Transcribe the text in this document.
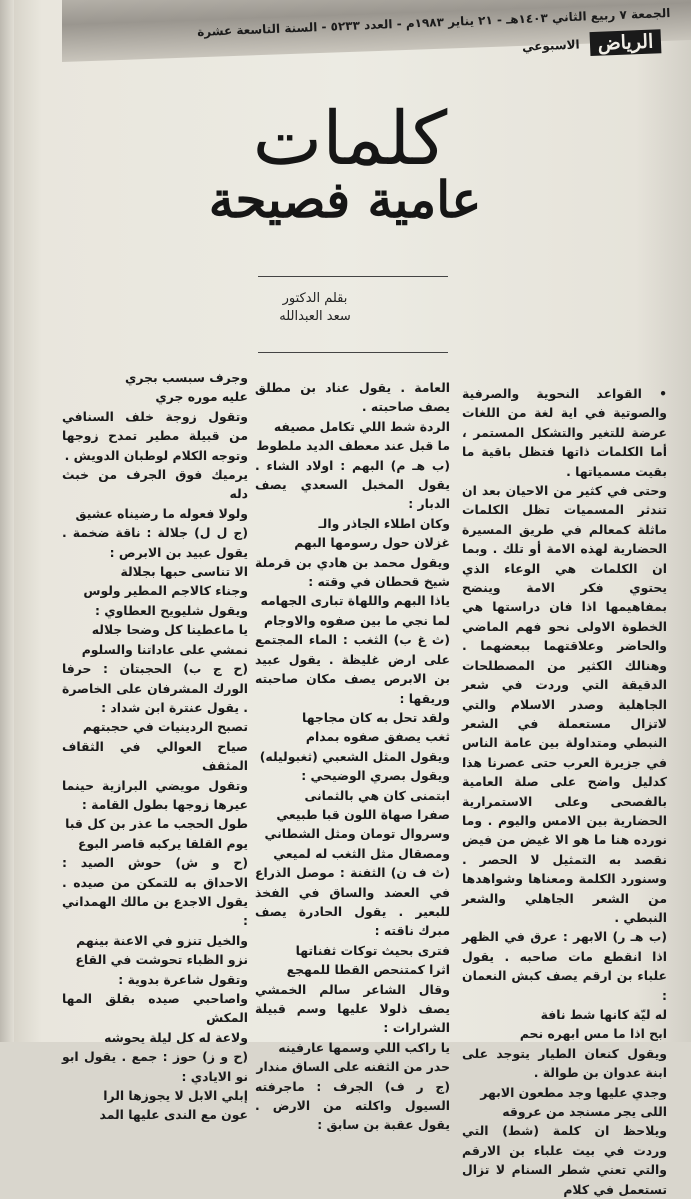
الجمعة ٧ ربيع الثاني ١٤٠٣هـ - ٢١ يناير ١٩٨٣م - العدد ٥٢٣٣ - السنة التاسعة عشرة
الرياض الاسبوعي
كلمات
عامية فصيحة
بقلم الدكتور
سعد العبدالله

• القواعد النحوية والصرفية والصوتية في اية لغة من اللغات عرضة للتغير والتشكل المستمر ، أما الكلمات ذاتها فتظل باقية ما بقيت مسمياتها .

وحتى في كثير من الاحيان بعد ان تندثر المسميات تظل الكلمات ماثلة كمعالم في طريق المسيرة الحضارية لهذه الامة أو تلك . وبما ان الكلمات هي الوعاء الذي يحتوي فكر الامة وينضح بمفاهيمها اذا فان دراستها هي الخطوة الاولى نحو فهم الماضي والحاضر وعلاقتهما ببعضهما . وهنالك الكثير من المصطلحات الدقيقة التي وردت في شعر الجاهلية وصدر الاسلام والتي لاتزال مستعملة في الشعر النبطي ومتداولة بين عامة الناس في جزيرة العرب حتى عصرنا هذا كدليل واضح على صلة العامية بالفصحى وعلى الاستمرارية الحضارية بين الامس واليوم . وما نورده هنا ما هو الا غيض من فيض نقصد به التمثيل لا الحصر . وسنورد الكلمة ومعناها وشواهدها من الشعر الجاهلي والشعر النبطي .

(ب هـ ر) الابهر : عرق في الظهر اذا انقطع مات صاحبه . يقول علباء بن ارقم يصف كبش النعمان :

له ليّة كانها شط نافة

ابح اذا ما مس ابهره نحم

ويقول كنعان الطيار يتوجد على ابنة عدوان بن طوالة .

وجدي عليها وجد مطعون الابهر

اللى يجر مسنجد من عروقه

ويلاحظ ان كلمة (شط) التي وردت في بيت علباء بن الارقم والتي تعني شطر السنام لا تزال تستعمل في كلام

العامة . يقول عناد بن مطلق يصف صاحبته .

الردة شط اللي تكامل مصيفه

ما قبل عند معطف الديد ملطوط

(ب هـ م) البهم : اولاد الشاء . يقول المخبل السعدي يصف الدبار :

وكان اطلاء الجاذر والـ

غزلان حول رسومها البهم

ويقول محمد بن هادي بن قرملة شيخ قحطان في وقته :

ياذا البهم واللهاة تبارى الجهامه

لما نجي ما بين صفوه والاوجام

(ث غ ب) الثغب : الماء المجتمع على ارض غليظة . يقول عبيد بن الابرص يصف مكان صاحبته وريقها :

ولقد تحل به كان مجاجها

ثغب يصفق صفوه بمدام

ويقول المثل الشعبي (ثغبوليله)

ويقول بصري الوضيحي :

ابتمنى كان هي بالثمانى

صفرا صهاة اللون قبا طبيعي

وسروال تومان ومثل الشطاني

ومصقال مثل الثغب له لميعي

(ث ف ن) الثفنة : موصل الذراع في العضد والساق في الفخذ للبعير . يقول الحادرة يصف مبرك ناقته :

فترى بحيث توكات ثفناتها

اثرا كمتنحص القطا للمهجع

وقال الشاعر سالم الخمشي يصف ذلولا عليها وسم قبيلة الشرارات :

يا راكب اللي وسمها عارفينه

حدر من الثفنه على الساق مندار

(ج ر ف) الجرف : ماجرفته السيول واكلته من الارض . يقول عقبة بن سابق :

وجرف سبسب بجري

عليه موره جري

وتقول زوجة خلف السنافي من قبيلة مطير تمدح زوجها وتوجه الكلام لوطبان الدويش .

يرميك فوق الجرف من خبث دله

ولولا فعوله ما رضيناه عشيق

(ج ل ل) جلالة : ناقة ضخمة . يقول عبيد بن الابرص :

الا تناسى حبها بجلالة

وجناء كالاجم المطير ولوس

ويقول شليويح العطاوي :

يا ماعطينا كل وضحا جلاله

نمشي على عاداتنا والسلوم

(ح ج ب) الحجبتان : حرفا الورك المشرفان على الخاصرة . يقول عنترة ابن شداد :

تصبح الردينيات في حجبتهم

صياح العوالي في الثقاف المثقف

وتقول مويضي البرازية حينما عيرها زوجها بطول القامة :

طول الحجب ما عذر بن كل قبا

يوم القلقا يركبه قاصر البوع

(ح و ش) حوش الصيد : الاحداق به للتمكن من صيده . يقول الاجدع بن مالك الهمداني :

والخيل تنزو في الاعنة بينهم

نزو الظباء تحوشت في القاع

وتقول شاعرة بدوية :

واصاحبي صيده بقلق المها المكش

ولاعة له كل ليلة يحوشه

(ح و ز) حوز : جمع . يقول ابو نو الايادي :

إبلي الابل لا يجوزها الرا

عون مع الندى عليها المد
